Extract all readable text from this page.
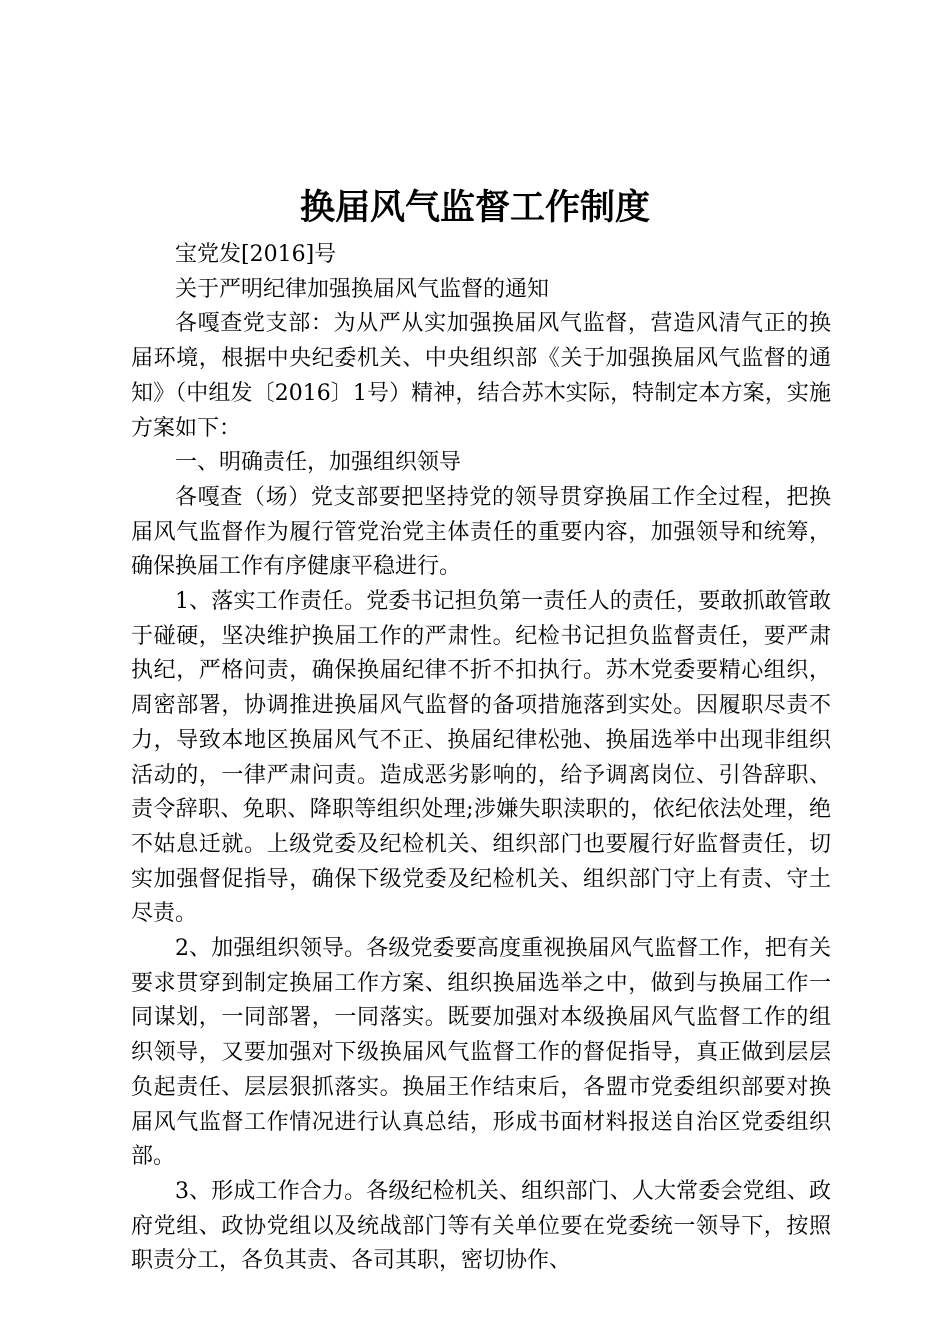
换届风气监督工作制度

宝党发[2016]号

关于严明纪律加强换届风气监督的通知

各嘎查党支部：为从严从实加强换届风气监督，营造风清气正的换届环境，根据中央纪委机关、中央组织部《关于加强换届风气监督的通知》（中组发〔2016〕1号）精神，结合苏木实际，特制定本方案，实施方案如下：

一、明确责任，加强组织领导

各嘎查（场）党支部要把坚持党的领导贯穿换届工作全过程，把换届风气监督作为履行管党治党主体责任的重要内容，加强领导和统筹，确保换届工作有序健康平稳进行。

1、落实工作责任。党委书记担负第一责任人的责任，要敢抓敢管敢于碰硬，坚决维护换届工作的严肃性。纪检书记担负监督责任，要严肃执纪，严格问责，确保换届纪律不折不扣执行。苏木党委要精心组织，周密部署，协调推进换届风气监督的备项措施落到实处。因履职尽责不力，导致本地区换届风气不正、换届纪律松弛、换届选举中出现非组织活动的，一律严肃问责。造成恶劣影响的，给予调离岗位、引咎辞职、责令辞职、免职、降职等组织处理;涉嫌失职渎职的，依纪依法处理，绝不姑息迁就。上级党委及纪检机关、组织部门也要履行好监督责任，切实加强督促指导，确保下级党委及纪检机关、组织部门守上有责、守土尽责。

2、加强组织领导。各级党委要高度重视换届风气监督工作，把有关要求贯穿到制定换届工作方案、组织换届选举之中，做到与换届工作一同谋划，一同部署，一同落实。既要加强对本级换届风气监督工作的组织领导，又要加强对下级换届风气监督工作的督促指导，真正做到层层负起责任、层层狠抓落实。换届王作结束后，各盟市党委组织部要对换届风气监督工作情况进行认真总结，形成书面材料报送自治区党委组织部。

3、形成工作合力。各级纪检机关、组织部门、人大常委会党组、政府党组、政协党组以及统战部门等有关单位要在党委统一领导下，按照职责分工，各负其责、各司其职，密切协作、
